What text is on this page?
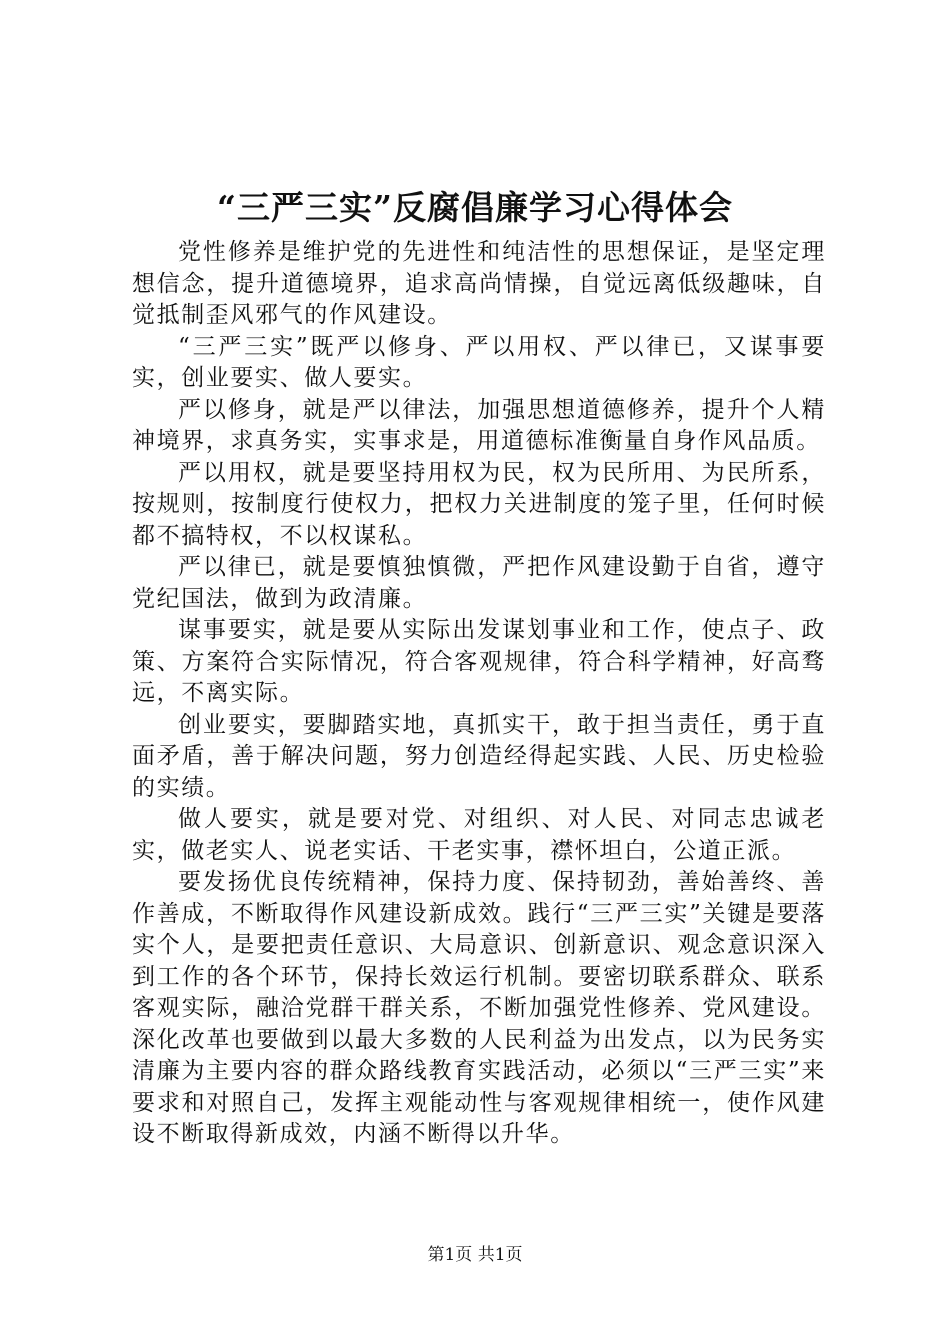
“三严三实”反腐倡廉学习心得体会

党性修养是维护党的先进性和纯洁性的思想保证，是坚定理想信念，提升道德境界，追求高尚情操，自觉远离低级趣味，自觉抵制歪风邪气的作风建设。

“三严三实”既严以修身、严以用权、严以律已，又谋事要实，创业要实、做人要实。

严以修身，就是严以律法，加强思想道德修养，提升个人精神境界，求真务实，实事求是，用道德标准衡量自身作风品质。

严以用权，就是要坚持用权为民，权为民所用、为民所系，按规则，按制度行使权力，把权力关进制度的笼子里，任何时候都不搞特权，不以权谋私。

严以律已，就是要慎独慎微，严把作风建设勤于自省，遵守党纪国法，做到为政清廉。

谋事要实，就是要从实际出发谋划事业和工作，使点子、政策、方案符合实际情况，符合客观规律，符合科学精神，好高骛远，不离实际。

创业要实，要脚踏实地，真抓实干，敢于担当责任，勇于直面矛盾，善于解决问题，努力创造经得起实践、人民、历史检验的实绩。

做人要实，就是要对党、对组织、对人民、对同志忠诚老实，做老实人、说老实话、干老实事，襟怀坦白，公道正派。

要发扬优良传统精神，保持力度、保持韧劲，善始善终、善作善成，不断取得作风建设新成效。践行“三严三实”关键是要落实个人，是要把责任意识、大局意识、创新意识、观念意识深入到工作的各个环节，保持长效运行机制。要密切联系群众、联系客观实际，融洽党群干群关系，不断加强党性修养、党风建设。深化改革也要做到以最大多数的人民利益为出发点，以为民务实清廉为主要内容的群众路线教育实践活动，必须以“三严三实”来要求和对照自己，发挥主观能动性与客观规律相统一，使作风建设不断取得新成效，内涵不断得以升华。

第1页 共1页
